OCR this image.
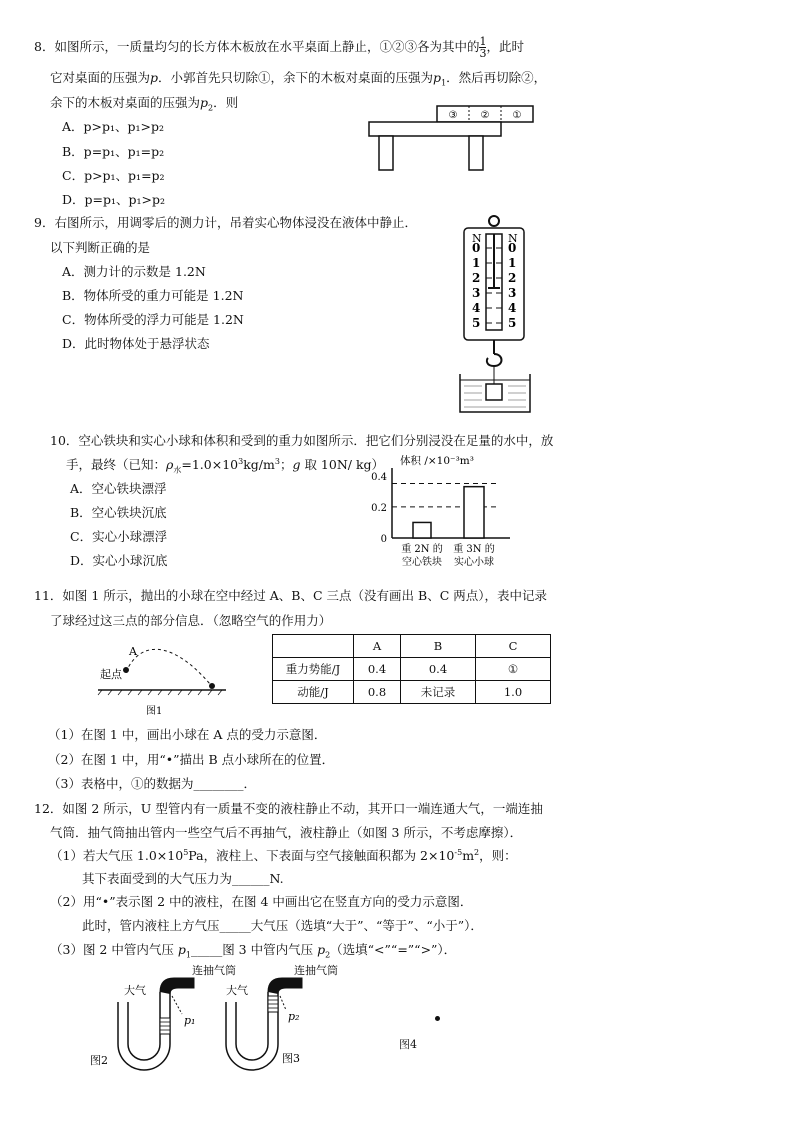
8．如图所示，一质量均匀的长方体木板放在水平桌面上静止，①②③各为其中的 $\frac{1}{3}$ ，此时
它对桌面的压强为p．小郭首先只切除①，余下的木板对桌面的压强为$p_1$．然后再切除②，
余下的木板对桌面的压强为$p_2$．则
A．p>p₁、p₁>p₂
B．p=p₁、p₁=p₂
C．p>p₁、p₁=p₂
D．p=p₁、p₁>p₂
③ ② ①
9．右图所示，用调零后的测力计，吊着实心物体浸没在液体中静止．
以下判断正确的是
A．测力计的示数是 1.2N
B．物体所受的重力可能是 1.2N
C．物体所受的浮力可能是 1.2N
D．此时物体处于悬浮状态
N N
0
1
2
3
4
5
0
1
2
3
4
5
10．空心铁块和实心小球和体积和受到的重力如图所示．把它们分别浸没在足量的水中，放
手，最终（已知：$\rho_水=1.0\times 10^3kg/m^3$；g 取 10N/ kg）
A．空心铁块漂浮
B．空心铁块沉底
C．实心小球漂浮
D．实心小球沉底
体积 /×10⁻³m³
0
0.2
0.4
重 2N 的
空心铁块
重 3N 的
实心小球
11．如图 1 所示，抛出的小球在空中经过 A、B、C 三点（没有画出 B、C 两点），表中记录
了球经过这三点的部分信息．（忽略空气的作用力）
A
起点
图1
	A	B	C
重力势能/J	0.4	0.4	①
动能/J	0.8	未记录	1.0
（1）在图 1 中，画出小球在 A 点的受力示意图．
（2）在图 1 中，用“•”描出 B 点小球所在的位置．
（3）表格中，①的数据为________．
12．如图 2 所示，U 型管内有一质量不变的液柱静止不动，其开口一端连通大气，一端连抽
气筒．抽气筒抽出管内一些空气后不再抽气，液柱静止（如图 3 所示，不考虑摩擦）．
（1）若大气压 $1.0\times 10^5Pa$，液柱上、下表面与空气接触面积都为 $2\times 10^{-5}m^2$，则：
其下表面受到的大气压力为______N.
（2）用“•”表示图 2 中的液柱，在图 4 中画出它在竖直方向的受力示意图．
此时，管内液柱上方气压_____大气压（选填“大于”、“等于”、“小于”）．
（3）图 2 中管内气压 $p_1\_\_\_\_\_$图 3 中管内气压 $p_2$（选填“<”“=”“>”）．
大气
连抽气筒
p₁
图2
大气
连抽气筒
p₂
图3
图4
